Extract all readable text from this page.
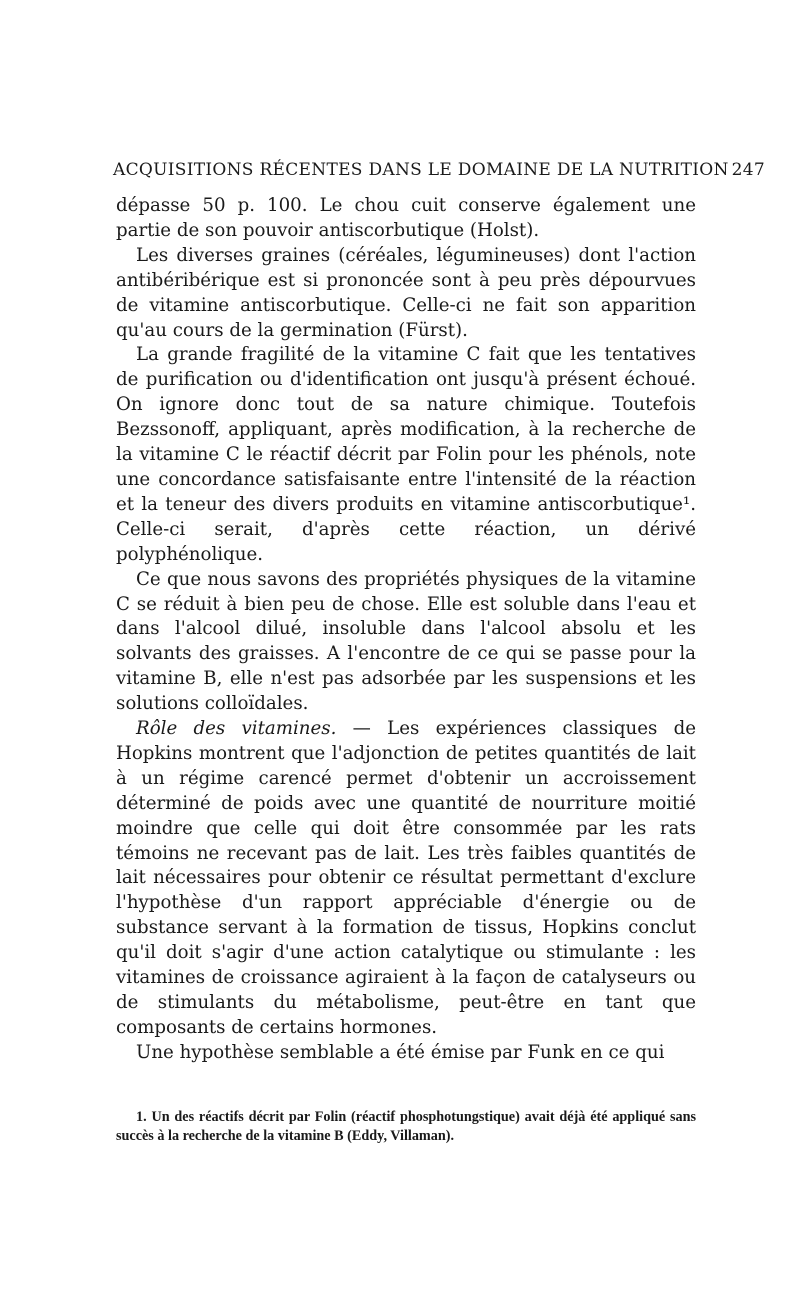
ACQUISITIONS RÉCENTES DANS LE DOMAINE DE LA NUTRITION 247

dépasse 50 p. 100. Le chou cuit conserve également une partie de son pouvoir antiscorbutique (Holst).

Les diverses graines (céréales, légumineuses) dont l'action antibéribérique est si prononcée sont à peu près dépourvues de vitamine antiscorbutique. Celle-ci ne fait son apparition qu'au cours de la germination (Fürst).

La grande fragilité de la vitamine C fait que les tentatives de purification ou d'identification ont jusqu'à présent échoué. On ignore donc tout de sa nature chimique. Toutefois Bezssonoff, appliquant, après modification, à la recherche de la vitamine C le réactif décrit par Folin pour les phénols, note une concordance satisfaisante entre l'intensité de la réaction et la teneur des divers produits en vitamine antiscorbutique¹. Celle-ci serait, d'après cette réaction, un dérivé polyphénolique.

Ce que nous savons des propriétés physiques de la vitamine C se réduit à bien peu de chose. Elle est soluble dans l'eau et dans l'alcool dilué, insoluble dans l'alcool absolu et les solvants des graisses. A l'encontre de ce qui se passe pour la vitamine B, elle n'est pas adsorbée par les suspensions et les solutions colloïdales.

Rôle des vitamines. — Les expériences classiques de Hopkins montrent que l'adjonction de petites quantités de lait à un régime carencé permet d'obtenir un accroissement déterminé de poids avec une quantité de nourriture moitié moindre que celle qui doit être consommée par les rats témoins ne recevant pas de lait. Les très faibles quantités de lait nécessaires pour obtenir ce résultat permettant d'exclure l'hypothèse d'un rapport appréciable d'énergie ou de substance servant à la formation de tissus, Hopkins conclut qu'il doit s'agir d'une action catalytique ou stimulante : les vitamines de croissance agiraient à la façon de catalyseurs ou de stimulants du métabolisme, peut-être en tant que composants de certains hormones.

Une hypothèse semblable a été émise par Funk en ce qui

1. Un des réactifs décrit par Folin (réactif phosphotungstique) avait déjà été appliqué sans succès à la recherche de la vitamine B (Eddy, Villaman).
